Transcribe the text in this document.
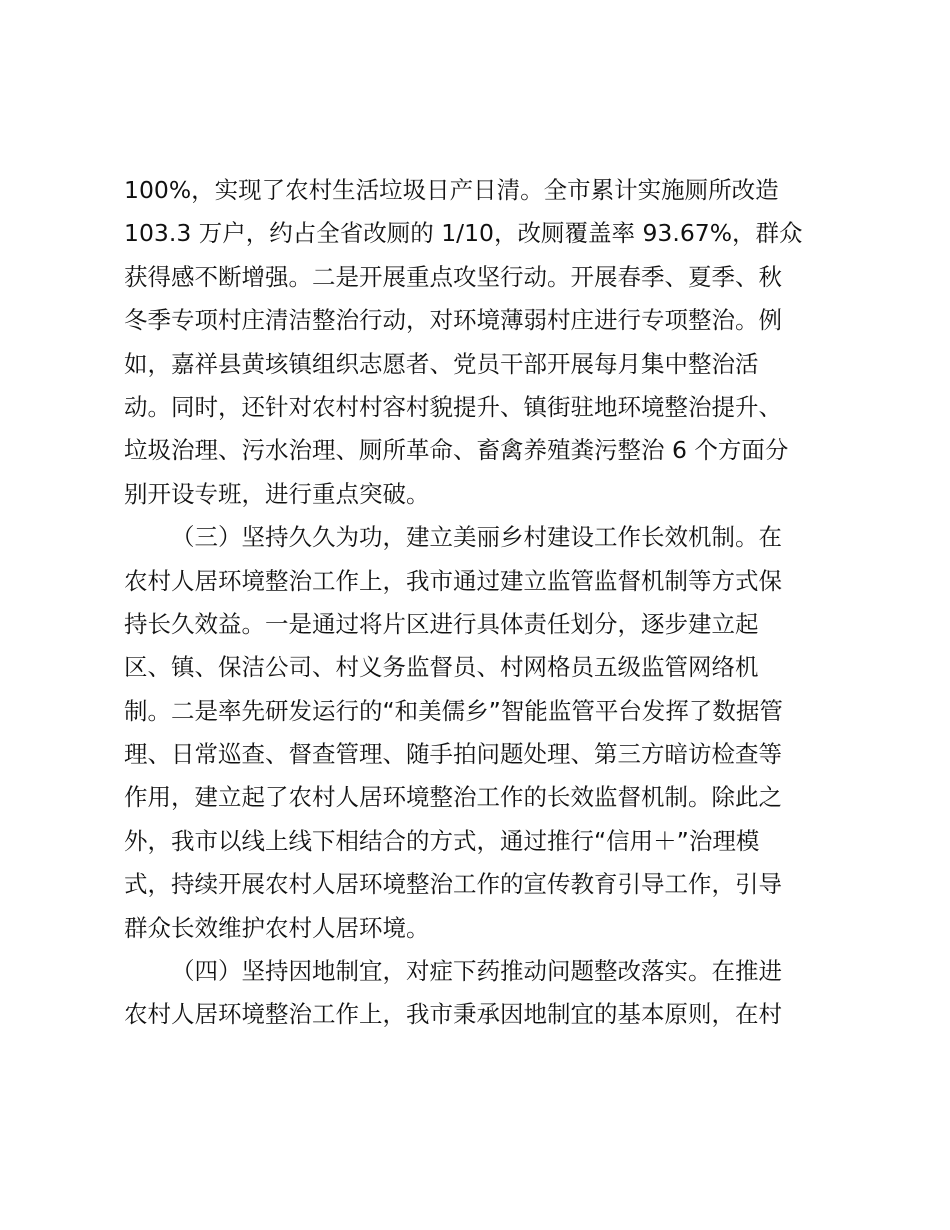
100%，实现了农村生活垃圾日产日清。全市累计实施厕所改造
103.3 万户，约占全省改厕的 1/10，改厕覆盖率 93.67%，群众
获得感不断增强。二是开展重点攻坚行动。开展春季、夏季、秋
冬季专项村庄清洁整治行动，对环境薄弱村庄进行专项整治。例
如，嘉祥县黄垓镇组织志愿者、党员干部开展每月集中整治活
动。同时，还针对农村村容村貌提升、镇街驻地环境整治提升、
垃圾治理、污水治理、厕所革命、畜禽养殖粪污整治 6 个方面分
别开设专班，进行重点突破。
（三）坚持久久为功，建立美丽乡村建设工作长效机制。在
农村人居环境整治工作上，我市通过建立监管监督机制等方式保
持长久效益。一是通过将片区进行具体责任划分，逐步建立起
区、镇、保洁公司、村义务监督员、村网格员五级监管网络机
制。二是率先研发运行的“和美儒乡”智能监管平台发挥了数据管
理、日常巡查、督查管理、随手拍问题处理、第三方暗访检查等
作用，建立起了农村人居环境整治工作的长效监督机制。除此之
外，我市以线上线下相结合的方式，通过推行“信用＋”治理模
式，持续开展农村人居环境整治工作的宣传教育引导工作，引导
群众长效维护农村人居环境。
（四）坚持因地制宜，对症下药推动问题整改落实。在推进
农村人居环境整治工作上，我市秉承因地制宜的基本原则，在村
